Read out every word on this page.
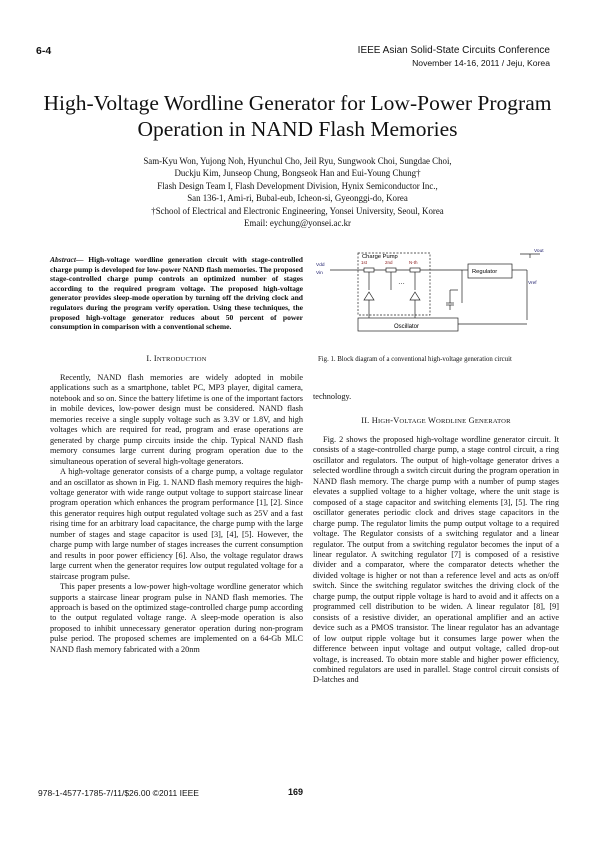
6-4	IEEE Asian Solid-State Circuits Conference
November 14-16, 2011 / Jeju, Korea
High-Voltage Wordline Generator for Low-Power Program Operation in NAND Flash Memories
Sam-Kyu Won, Yujong Noh, Hyunchul Cho, Jeil Ryu, Sungwook Choi, Sungdae Choi,
Duckju Kim, Junseop Chung, Bongseok Han and Eui-Young Chung†
Flash Design Team I, Flash Development Division, Hynix Semiconductor Inc.,
San 136-1, Ami-ri, Bubal-eub, Icheon-si, Gyeonggi-do, Korea
†School of Electrical and Electronic Engineering, Yonsei University, Seoul, Korea
Email: eychung@yonsei.ac.kr
Abstract— High-voltage wordline generation circuit with stage-controlled charge pump is developed for low-power NAND flash memories. The proposed stage-controlled charge pump controls an optimized number of stages according to the required program voltage. The proposed high-voltage generator provides sleep-mode operation by turning off the driving clock and regulators during the program verify operation. Using these techniques, the proposed high-voltage generator reduces about 50 percent of power consumption in comparison with a conventional scheme.
I. INTRODUCTION

Recently, NAND flash memories are widely adopted in mobile applications such as a smartphone, tablet PC, MP3 player, digital camera, notebook and so on. Since the battery lifetime is one of the important factors in mobile devices, low-power design must be considered. NAND flash memories receive a single supply voltage such as 3.3V or 1.8V, and high voltages which are required for read, program and erase operations are generated by charge pump circuits inside the chip. Typical NAND flash memory consumes large current during program operation due to the simultaneous operation of several high-voltage generators.

A high-voltage generator consists of a charge pump, a voltage regulator and an oscillator as shown in Fig. 1. NAND flash memory requires the high-voltage generator with wide range output voltage to support staircase linear program operation which enhances the program performance [1], [2]. Since this generator requires high output regulated voltage such as 25V and a fast rising time for an arbitrary load capacitance, the charge pump with the large number of stages and stage capacitor is used [3], [4], [5]. However, the charge pump with large number of stages increases the current consumption and results in poor power efficiency [6]. Also, the voltage regulator draws large current when the generator requires low output regulated voltage for a staircase program pulse.

This paper presents a low-power high-voltage wordline generator which supports a staircase linear program pulse in NAND flash memories. The approach is based on the optimized stage-controlled charge pump according to the output regulated voltage range. A sleep-mode operation is also proposed to inhibit unnecessary generator operation during non-program pulse period. The proposed schemes are implemented on a 64-Gb MLC NAND flash memory fabricated with a 20nm

Charge Pump
Regulator
Oscillator
Vdd
Vin
Vout
Vref
1st	2nd	N-th
…
Fig. 1. Block diagram of a conventional high-voltage generation circuit
technology.
II. HIGH-VOLTAGE WORDLINE GENERATOR

Fig. 2 shows the proposed high-voltage wordline generator circuit. It consists of a stage-controlled charge pump, a stage control circuit, a ring oscillator and regulators. The output of high-voltage generator drives a selected wordline through a switch circuit during the program operation in NAND flash memory. The charge pump with a number of pump stages elevates a supplied voltage to a higher voltage, where the unit stage is composed of a stage capacitor and switching elements [3], [5]. The ring oscillator generates periodic clock and drives stage capacitors in the charge pump. The regulator limits the pump output voltage to a required voltage. The Regulator consists of a switching regulator and a linear regulator. The output from a switching regulator becomes the input of a linear regulator. A switching regulator [7] is composed of a resistive divider and a comparator, where the comparator detects whether the divided voltage is higher or not than a reference level and acts as on/off switch. Since the switching regulator switches the driving clock of the charge pump, the output ripple voltage is hard to avoid and it affects on a programmed cell distribution to be widen. A linear regulator [8], [9] consists of a resistive divider, an operational amplifier and an active device such as a PMOS transistor. The linear regulator has an advantage of low output ripple voltage but it consumes large power when the difference between input voltage and output voltage, called drop-out voltage, is increased. To obtain more stable and higher power efficiency, combined regulators are used in parallel. Stage control circuit consists of D-latches and

978-1-4577-1785-7/11/$26.00 ©2011 IEEE	169
